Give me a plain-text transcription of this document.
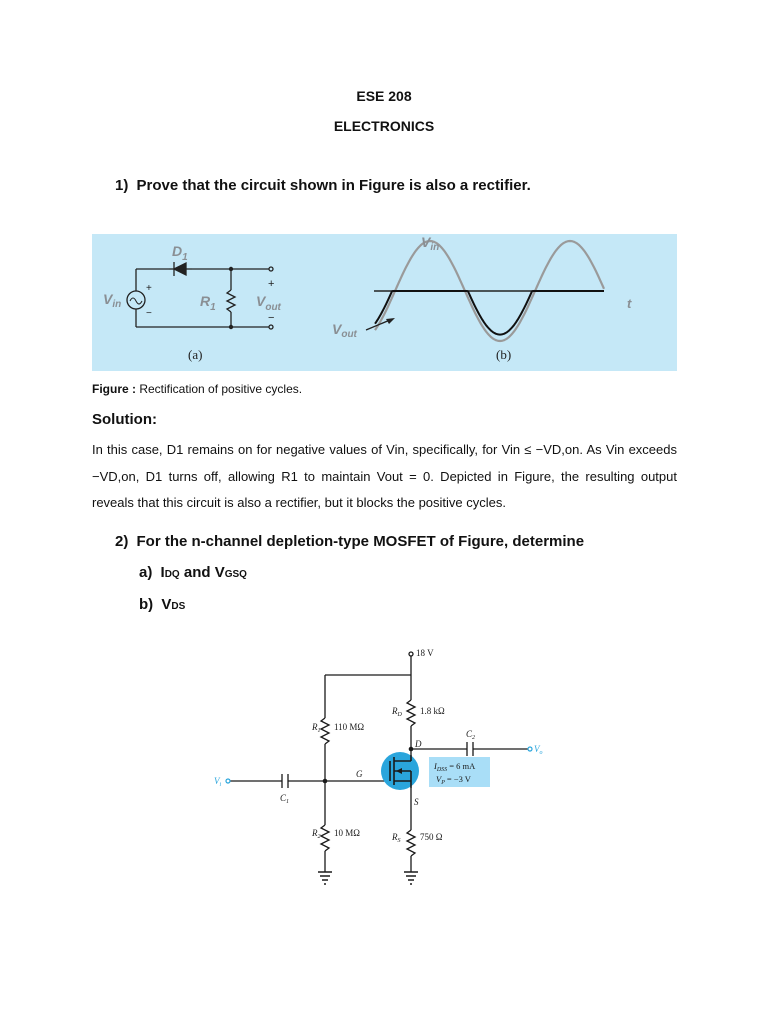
ESE 208
ELECTRONICS
1) Prove that the circuit shown in Figure is also a rectifier.
$D_1$
$R_1$
$V_{in}$	$V_{out}$
+
−
+
−
(a)
$V_{in}$
$V_{out}$
t
(b)
Figure : Rectification of positive cycles.
Solution:
In this case, D1 remains on for negative values of Vin, specifically, for Vin ≤ −VD,on. As Vin exceeds −VD,on, D1 turns off, allowing R1 to maintain Vout = 0. Depicted in Figure, the resulting output reveals that this circuit is also a rectifier, but it blocks the positive cycles.
2) For the n-channel depletion-type MOSFET of Figure, determine
a) IDQ and VGSQ
b) VDS
18 V
$R_D$ 1.8 kΩ
$R_1$ 110 MΩ
D
$C_2$
$V_o$
G
$V_i$
$C_1$
$I_{DSS} = 6$ mA
$V_P = -3$ V
S
$R_2$ 10 MΩ	$R_S$ 750 Ω
